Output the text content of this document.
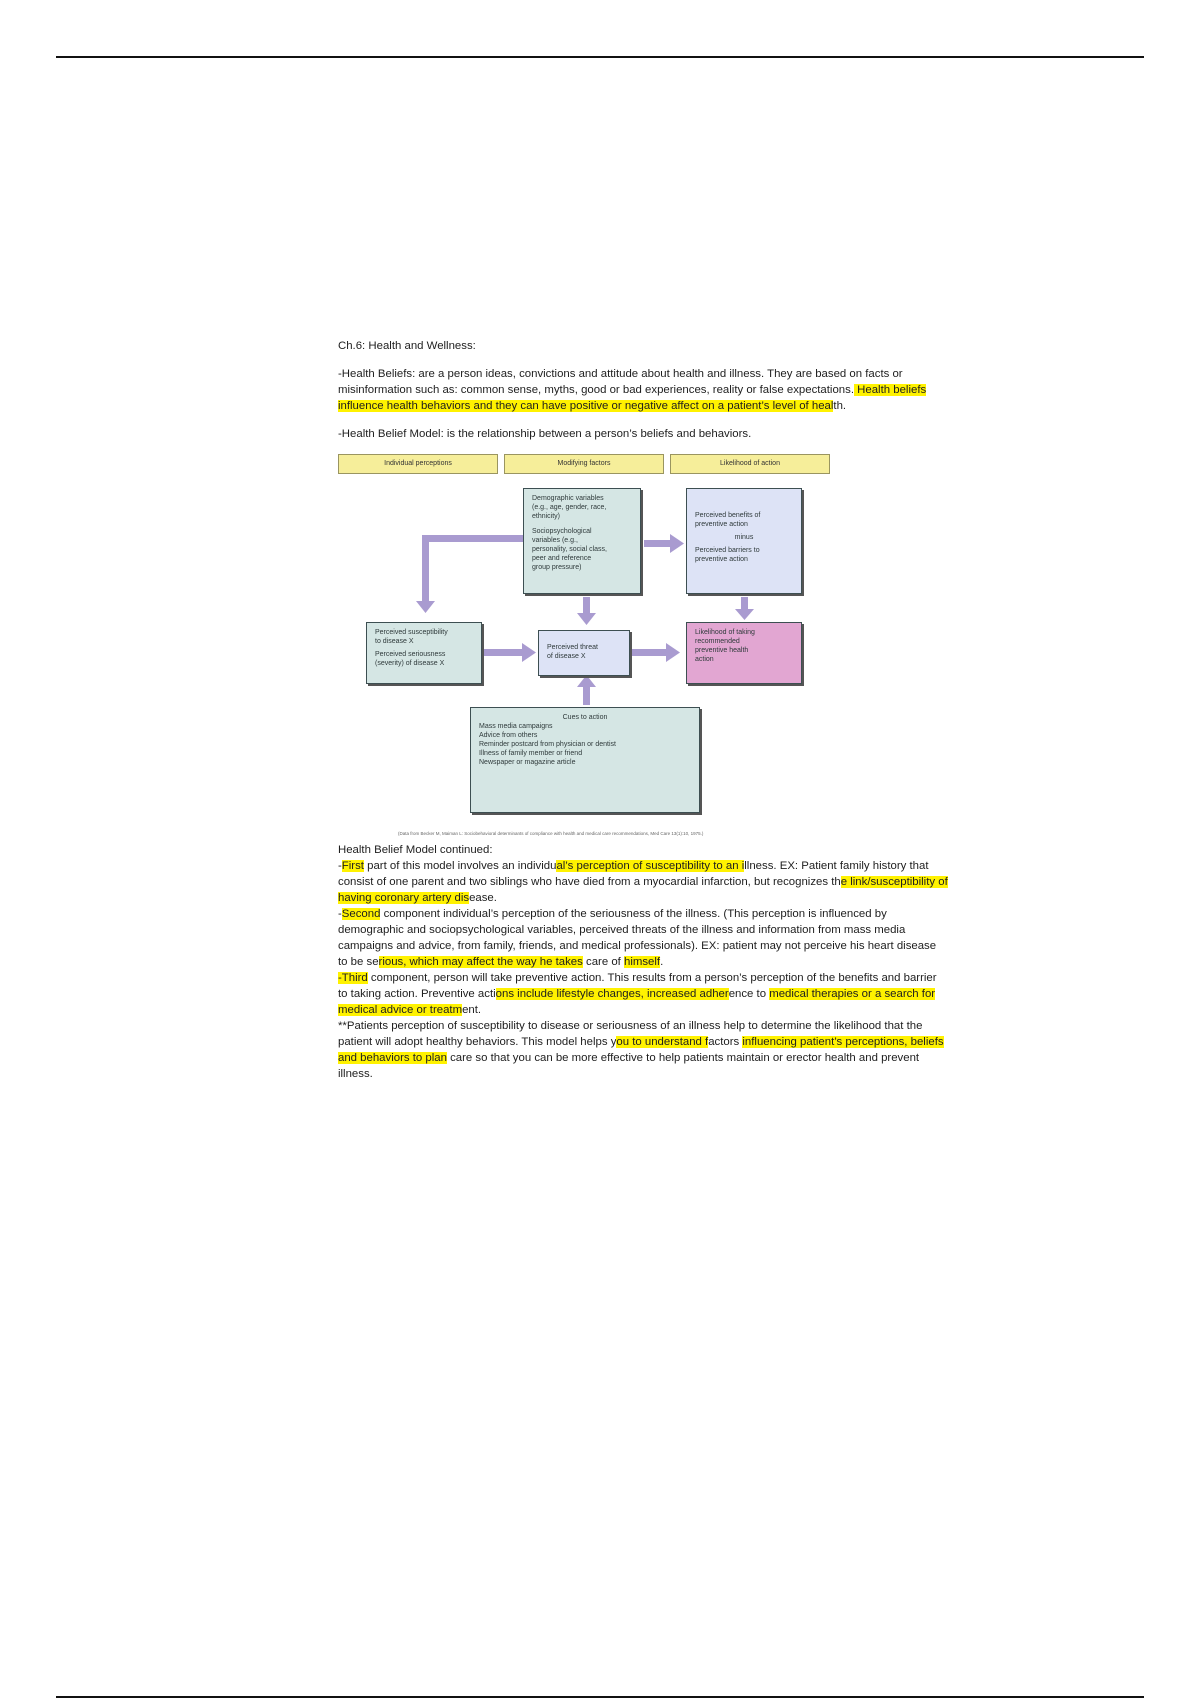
Ch.6: Health and Wellness:

-Health Beliefs: are a person ideas, convictions and attitude about health and illness. They are based on facts or misinformation such as: common sense, myths, good or bad experiences, reality or false expectations. Health beliefs influence health behaviors and they can have positive or negative affect on a patient’s level of health.

-Health Belief Model: is the relationship between a person’s beliefs and behaviors.

Individual perceptions	Modifying factors	Likelihood of action
Demographic variables
(e.g., age, gender, race, ethnicity)
Sociopsychological
variables (e.g.,
personality, social class,
peer and reference
group pressure)
Perceived benefits of
preventive action
minus
Perceived barriers to
preventive action
Perceived susceptibility
to disease X
Perceived seriousness
(severity) of disease X
Perceived threat
of disease X
Likelihood of taking
recommended
preventive health
action
Cues to action
Mass media campaigns
Advice from others
Reminder postcard from physician or dentist
Illness of family member or friend
Newspaper or magazine article
(Data from Becker M, Maiman L: Sociobehavioral determinants of compliance with health and medical care recommendations, Med Care 13(1):10, 1975.)

Health Belief Model continued:

-First part of this model involves an individual’s perception of susceptibility to an illness. EX: Patient family history that consist of one parent and two siblings who have died from a myocardial infarction, but recognizes the link/susceptibility of having coronary artery disease.

-Second component individual’s perception of the seriousness of the illness. (This perception is influenced by demographic and sociopsychological variables, perceived threats of the illness and information from mass media campaigns and advice, from family, friends, and medical professionals). EX: patient may not perceive his heart disease to be serious, which may affect the way he takes care of himself.

-Third component, person will take preventive action. This results from a person’s perception of the benefits and barrier to taking action. Preventive actions include lifestyle changes, increased adherence to medical therapies or a search for medical advice or treatment.

**Patients perception of susceptibility to disease or seriousness of an illness help to determine the likelihood that the patient will adopt healthy behaviors. This model helps you to understand factors influencing patient’s perceptions, beliefs and behaviors to plan care so that you can be more effective to help patients maintain or erector health and prevent illness.
